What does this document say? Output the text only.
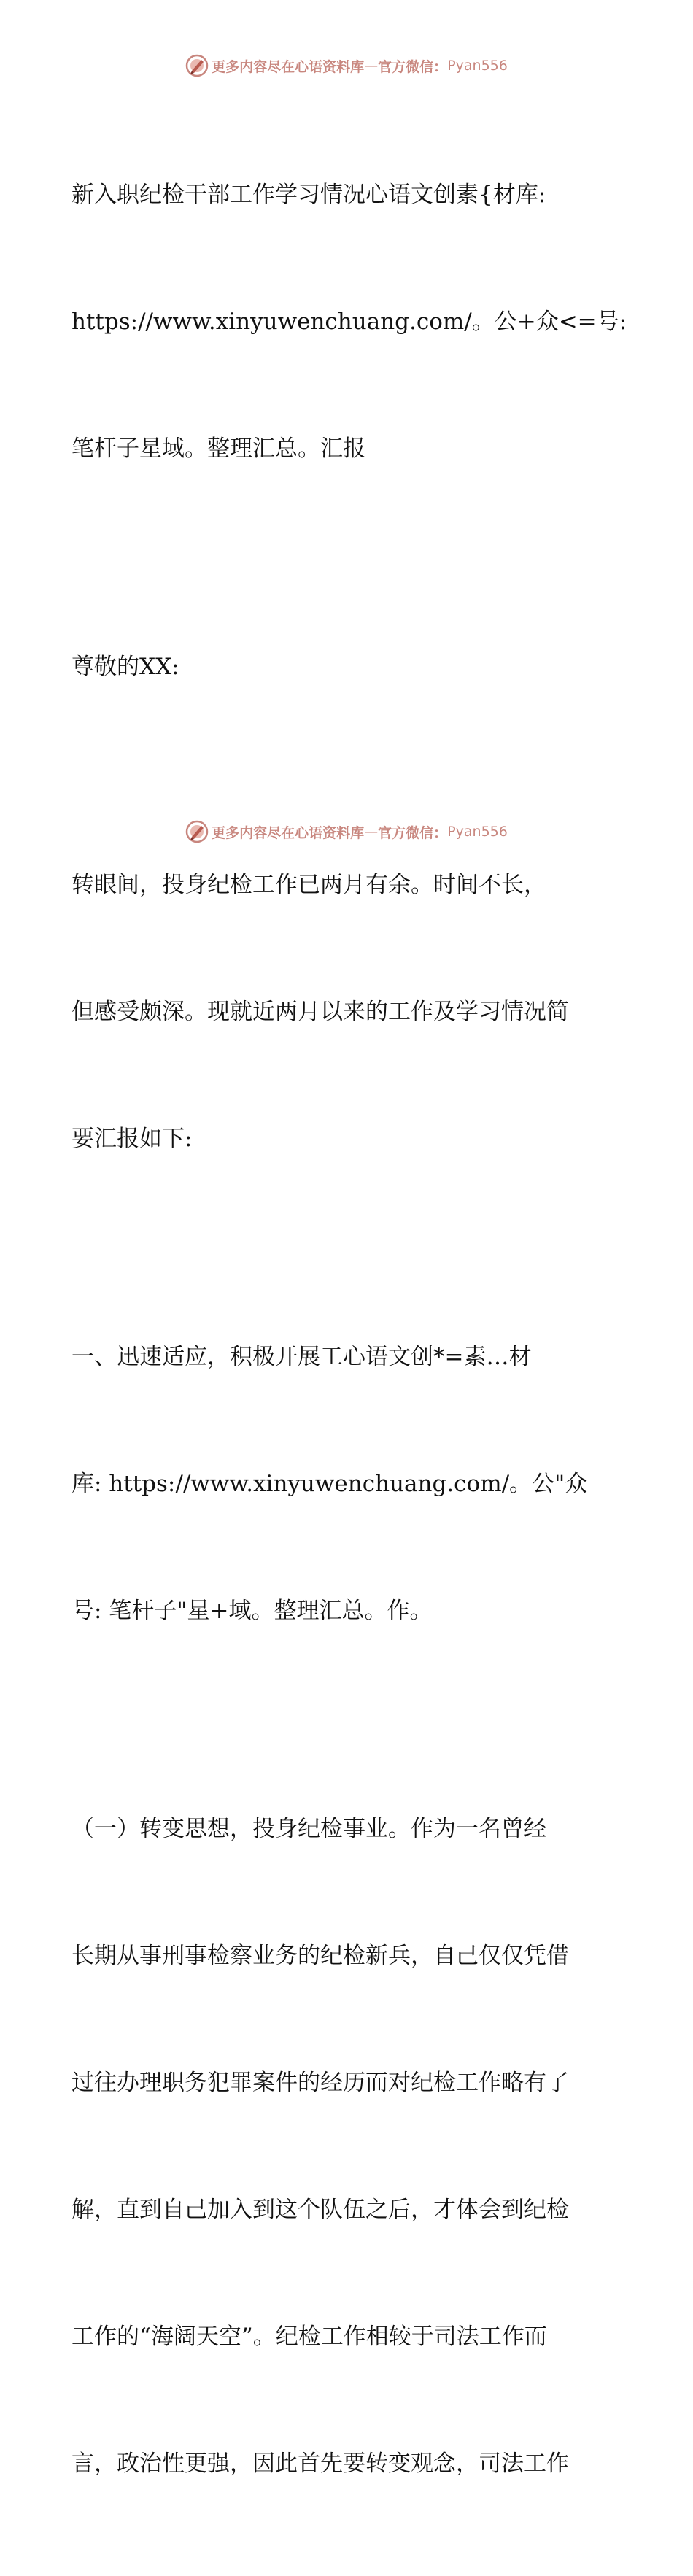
更多内容尽在心语资料库 — 官方微信： Pyan556

新入职纪检干部工作学习情况心语文创素{材库:

https://www.xinyuwenchuang.com/。公+众<=号:

笔杆子星域。整理汇总。汇报

尊敬的XX:

转眼间，投身纪检工作已两月有余。时间不长，

但感受颇深。现就近两月以来的工作及学习情况简

要汇报如下:

一、迅速适应，积极开展工心语文创*=素…材

库: https://www.xinyuwenchuang.com/。公"众

号: 笔杆子"星+域。整理汇总。作。

（一）转变思想，投身纪检事业。作为一名曾经

长期从事刑事检察业务的纪检新兵，自己仅仅凭借

过往办理职务犯罪案件的经历而对纪检工作略有了

解，直到自己加入到这个队伍之后，才体会到纪检

工作的“海阔天空”。纪检工作相较于司法工作而

言，政治性更强，因此首先要转变观念，司法工作

更多内容尽在心语资料库 — 官方微信： Pyan556
